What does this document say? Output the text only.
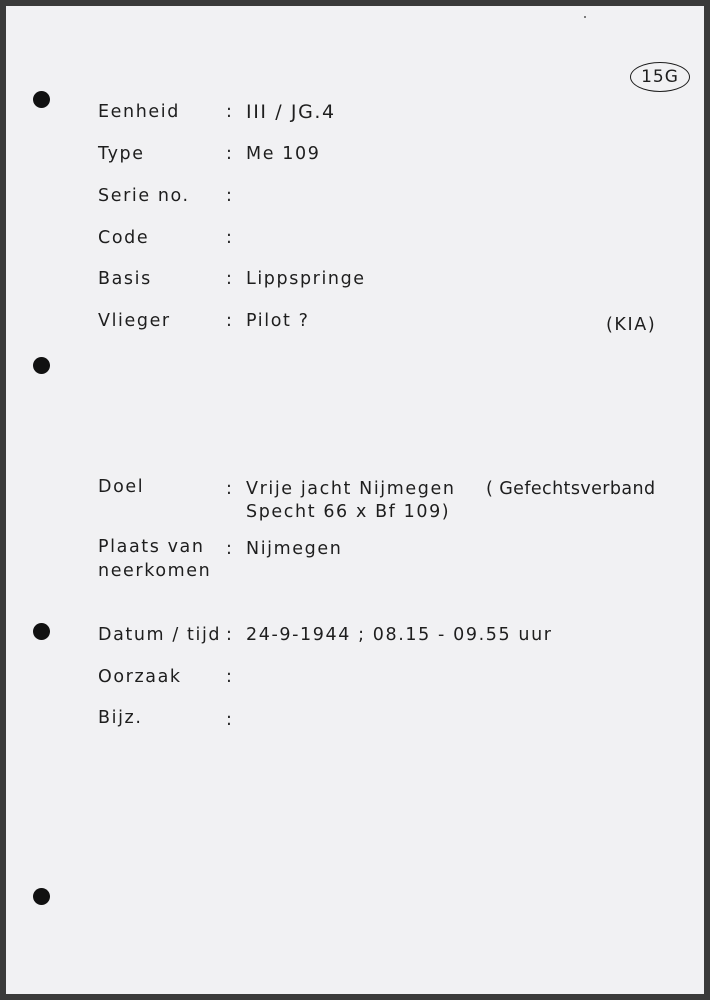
15G
Eenheid	: III / JG.4
Type	: Me 109
Serie no. :
Code	:
Basis	: Lippspringe
Vlieger	: Pilot ?	(KIA)
Doel	: Vrije jacht Nijmegen ( Gefechtsverband
Specht 66 x Bf 109)
Plaats van
neerkomen
: Nijmegen
Datum / tijd : 24-9-1944 ; 08.15 - 09.55 uur
Oorzaak	:
Bijz.	:
